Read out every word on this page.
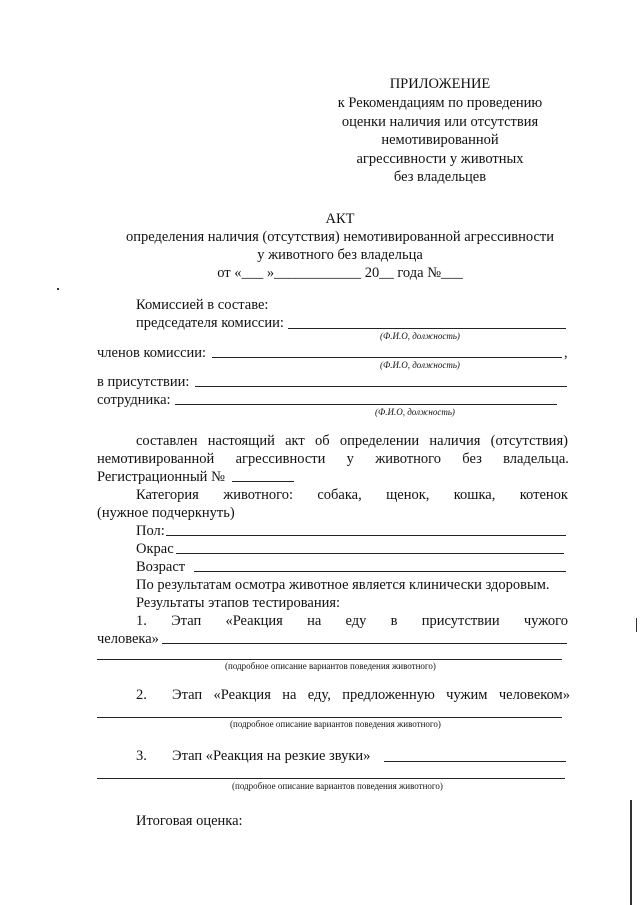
ПРИЛОЖЕНИЕ
к Рекомендациям по проведению
оценки наличия или отсутствия
немотивированной
агрессивности у животных
без владельцев
АКТ
определения наличия (отсутствия) немотивированной агрессивности
у животного без владельца
от «___ »____________ 20__ года №___
Комиссией в составе:
председателя комиссии:
(Ф.И.О, должность)
членов комиссии:	,
(Ф.И.О, должность)
в присутствии:
сотрудника:
(Ф.И.О, должность)
составлен настоящий акт об определении наличия (отсутствия)
немотивированной агрессивности у животного без владельца.
Регистрационный №
Категория животного: собака, щенок, кошка, котенок
(нужное подчеркнуть)
Пол:
Окрас
Возраст
По результатам осмотра животное является клинически здоровым.
Результаты этапов тестирования:
1. Этап «Реакция на еду в присутствии чужого
человека»
(подробное описание вариантов поведения животного)
2. Этап «Реакция на еду, предложенную чужим человеком»
(подробное описание вариантов поведения животного)
3. Этап «Реакция на резкие звуки»
(подробное описание вариантов поведения животного)
Итоговая оценка:
